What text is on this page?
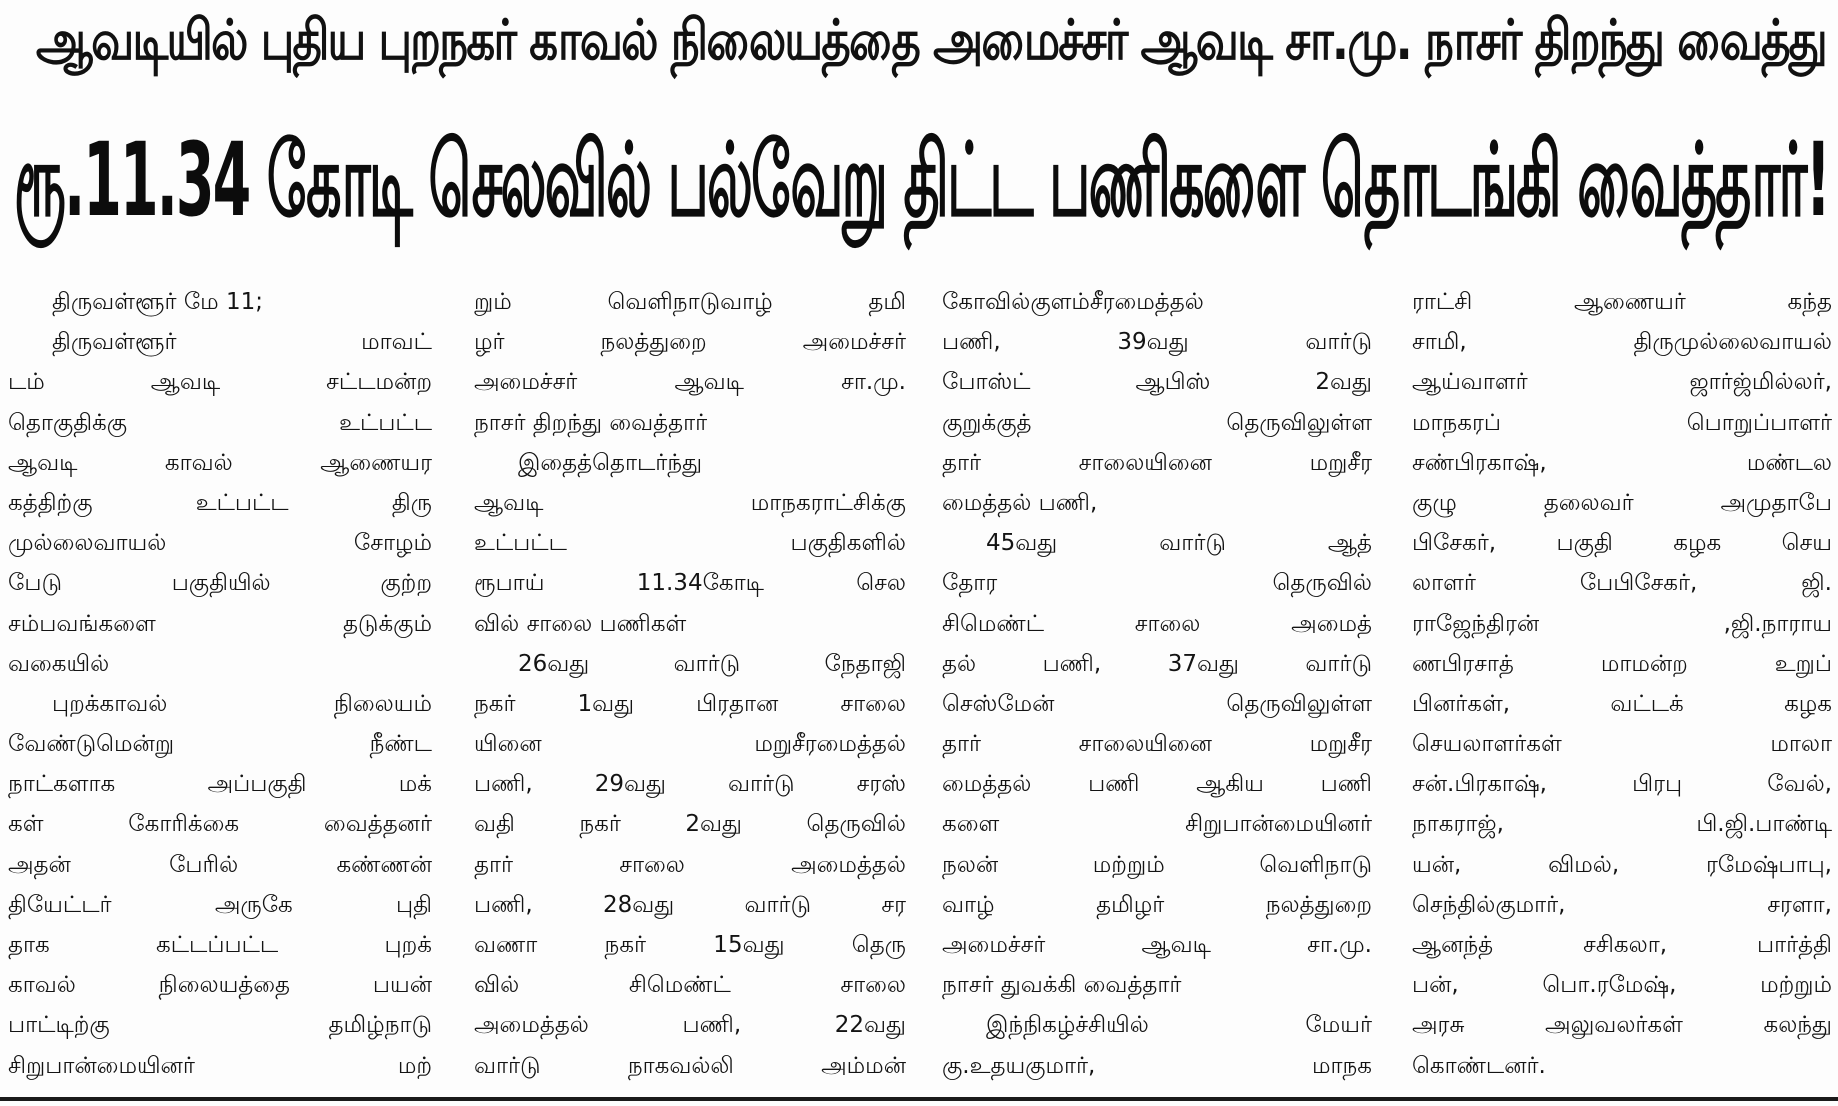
ஆவடியில் புதிய புறநகர் காவல் நிலையத்தை அமைச்சர் ஆவடி சா.மு. நாசர் திறந்து வைத்து
ரூ.11.34 கோடி செலவில் பல்வேறு திட்ட பணிகளை தொடங்கி வைத்தார்!
திருவள்ளூர் மே 11;
திருவள்ளூர் மாவட்
டம் ஆவடி சட்டமன்ற
தொகுதிக்கு உட்பட்ட
ஆவடி காவல் ஆணையர
கத்திற்கு உட்பட்ட திரு
முல்லைவாயல் சோழம்
பேடு பகுதியில் குற்ற
சம்பவங்களை தடுக்கும்
வகையில்
புறக்காவல் நிலையம்
வேண்டுமென்று நீண்ட
நாட்களாக அப்பகுதி மக்
கள் கோரிக்கை வைத்தனர்
அதன் பேரில் கண்ணன்
தியேட்டர் அருகே புதி
தாக கட்டப்பட்ட புறக்
காவல் நிலையத்தை பயன்
பாட்டிற்கு தமிழ்நாடு
சிறுபான்மையினர் மற்
றும் வெளிநாடுவாழ் தமி
ழர் நலத்துறை அமைச்சர்
அமைச்சர் ஆவடி சா.மு.
நாசர் திறந்து வைத்தார்
இதைத்தொடர்ந்து
ஆவடி மாநகராட்சிக்கு
உட்பட்ட பகுதிகளில்
ரூபாய் 11.34கோடி செல
வில் சாலை பணிகள்
26வது வார்டு நேதாஜி
நகர் 1வது பிரதான சாலை
யினை மறுசீரமைத்தல்
பணி, 29வது வார்டு சரஸ்
வதி நகர் 2வது தெருவில்
தார் சாலை அமைத்தல்
பணி, 28வது வார்டு சர
வணா நகர் 15வது தெரு
வில் சிமெண்ட் சாலை
அமைத்தல் பணி, 22வது
வார்டு நாகவல்லி அம்மன்
கோவில்குளம்சீரமைத்தல்
பணி, 39வது வார்டு
போஸ்ட் ஆபிஸ் 2வது
குறுக்குத் தெருவிலுள்ள
தார் சாலையினை மறுசீர
மைத்தல் பணி,
45வது வார்டு ஆத்
தோர தெருவில்
சிமெண்ட் சாலை அமைத்
தல் பணி, 37வது வார்டு
செஸ்மேன் தெருவிலுள்ள
தார் சாலையினை மறுசீர
மைத்தல் பணி ஆகிய பணி
களை சிறுபான்மையினர்
நலன் மற்றும் வெளிநாடு
வாழ் தமிழர் நலத்துறை
அமைச்சர் ஆவடி சா.மு.
நாசர் துவக்கி வைத்தார்
இந்நிகழ்ச்சியில் மேயர்
கு.உதயகுமார், மாநக
ராட்சி ஆணையர் கந்த
சாமி, திருமுல்லைவாயல்
ஆய்வாளர் ஜார்ஜ்மில்லர்,
மாநகரப் பொறுப்பாளர்
சண்பிரகாஷ், மண்டல
குழு தலைவர் அமுதாபே
பிசேகர், பகுதி கழக செய
லாளர் பேபிசேகர், ஜி.
ராஜேந்திரன் ,ஜி.நாராய
ணபிரசாத் மாமன்ற உறுப்
பினர்கள், வட்டக் கழக
செயலாளர்கள் மாலா
சன்.பிரகாஷ், பிரபு வேல்,
நாகராஜ், பி.ஜி.பாண்டி
யன், விமல், ரமேஷ்பாபு,
செந்தில்குமார், சரளா,
ஆனந்த் சசிகலா, பார்த்தி
பன், பொ.ரமேஷ், மற்றும்
அரசு அலுவலர்கள் கலந்து
கொண்டனர்.
